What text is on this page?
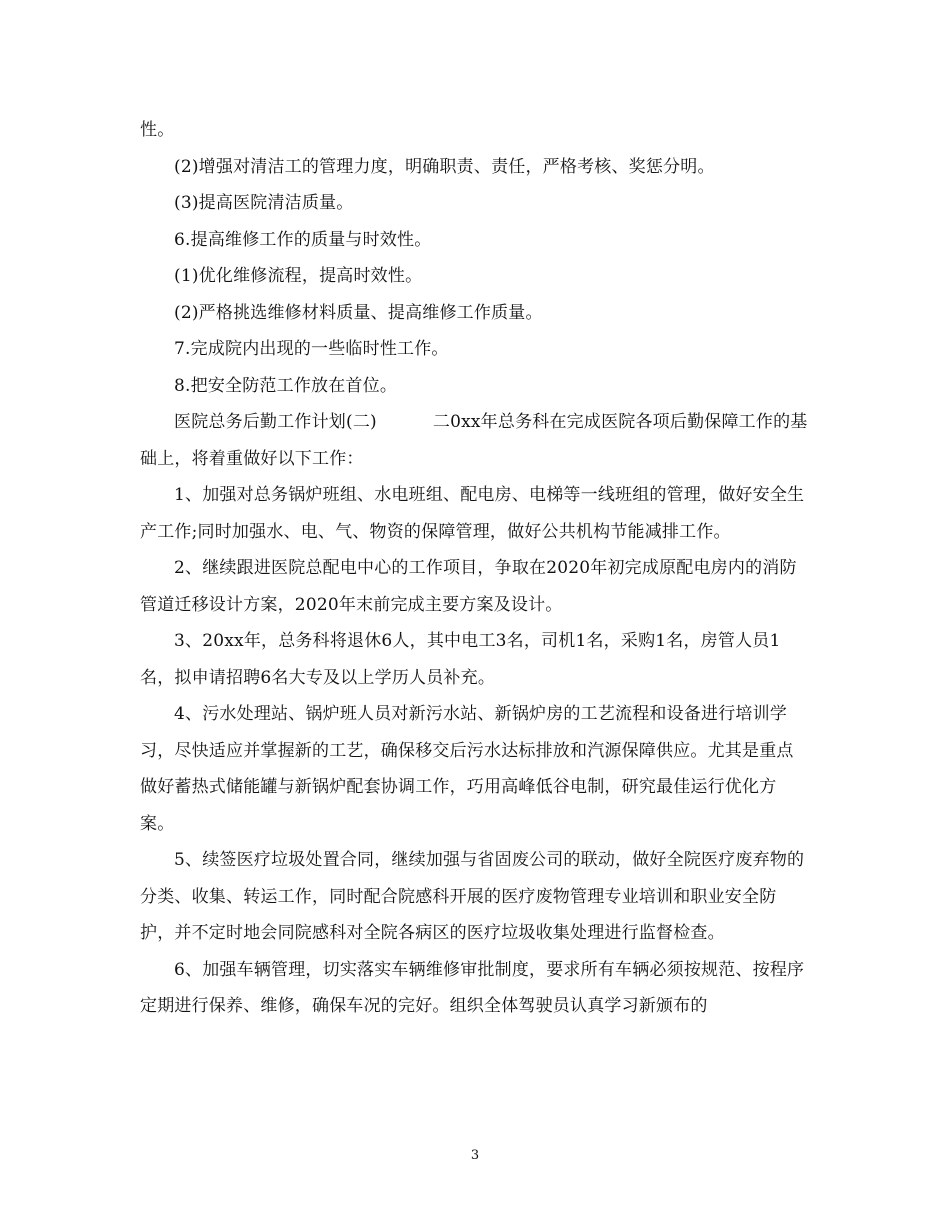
性。

(2)增强对清洁工的管理力度，明确职责、责任，严格考核、奖惩分明。

(3)提高医院清洁质量。

6.提高维修工作的质量与时效性。

(1)优化维修流程，提高时效性。

(2)严格挑选维修材料质量、提高维修工作质量。

7.完成院内出现的一些临时性工作。

8.把安全防范工作放在首位。

医院总务后勤工作计划(二)	二0xx年总务科在完成医院各项后勤保障工作的基础上，将着重做好以下工作：

1、加强对总务锅炉班组、水电班组、配电房、电梯等一线班组的管理，做好安全生产工作;同时加强水、电、气、物资的保障管理，做好公共机构节能减排工作。

2、继续跟进医院总配电中心的工作项目，争取在2020年初完成原配电房内的消防管道迁移设计方案，2020年末前完成主要方案及设计。

3、20xx年，总务科将退休6人，其中电工3名，司机1名，采购1名，房管人员1名，拟申请招聘6名大专及以上学历人员补充。

4、污水处理站、锅炉班人员对新污水站、新锅炉房的工艺流程和设备进行培训学习，尽快适应并掌握新的工艺，确保移交后污水达标排放和汽源保障供应。尤其是重点做好蓄热式储能罐与新锅炉配套协调工作，巧用高峰低谷电制，研究最佳运行优化方案。

5、续签医疗垃圾处置合同，继续加强与省固废公司的联动，做好全院医疗废弃物的分类、收集、转运工作，同时配合院感科开展的医疗废物管理专业培训和职业安全防护，并不定时地会同院感科对全院各病区的医疗垃圾收集处理进行监督检查。

6、加强车辆管理，切实落实车辆维修审批制度，要求所有车辆必须按规范、按程序定期进行保养、维修，确保车况的完好。组织全体驾驶员认真学习新颁布的

3
